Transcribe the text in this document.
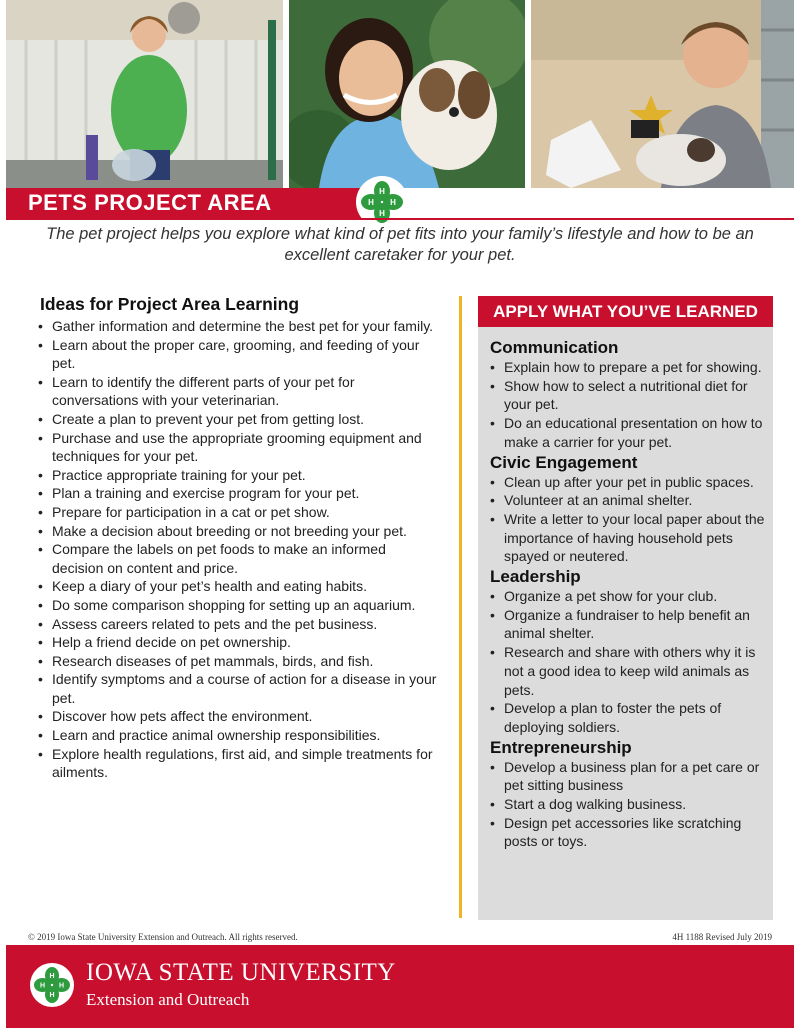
PETS PROJECT AREA	H
H
H H
The pet project helps you explore what kind of pet fits into your family’s lifestyle and how to be an excellent caretaker for your pet.
Ideas for Project Area Learning
• Gather information and determine the best pet for your family.
• Learn about the proper care, grooming, and feeding of your pet.
• Learn to identify the different parts of your pet for conversations with your veterinarian.
• Create a plan to prevent your pet from getting lost.
• Purchase and use the appropriate grooming equipment and techniques for your pet.
• Practice appropriate training for your pet.
• Plan a training and exercise program for your pet.
• Prepare for participation in a cat or pet show.
• Make a decision about breeding or not breeding your pet.
• Compare the labels on pet foods to make an informed decision on content and price.
• Keep a diary of your pet’s health and eating habits.
• Do some comparison shopping for setting up an aquarium.
• Assess careers related to pets and the pet business.
• Help a friend decide on pet ownership.
• Research diseases of pet mammals, birds, and fish.
• Identify symptoms and a course of action for a disease in your pet.
• Discover how pets affect the environment.
• Learn and practice animal ownership responsibilities.
• Explore health regulations, first aid, and simple treatments for ailments.
APPLY WHAT YOU’VE LEARNED
Communication
• Explain how to prepare a pet for showing.
• Show how to select a nutritional diet for your pet.
• Do an educational presentation on how to make a carrier for your pet.
Civic Engagement
• Clean up after your pet in public spaces.
• Volunteer at an animal shelter.
• Write a letter to your local paper about the importance of having household pets spayed or neutered.
Leadership
• Organize a pet show for your club.
• Organize a fundraiser to help benefit an animal shelter.
• Research and share with others why it is not a good idea to keep wild animals as pets.
• Develop a plan to foster the pets of deploying soldiers.
Entrepreneurship
• Develop a business plan for a pet care or pet sitting business
• Start a dog walking business.
• Design pet accessories like scratching posts or toys.
© 2019 Iowa State University Extension and Outreach. All rights reserved.	4H 1188 Revised July 2019
H
H
H H IOWA STATE UNIVERSITY
Extension and Outreach
